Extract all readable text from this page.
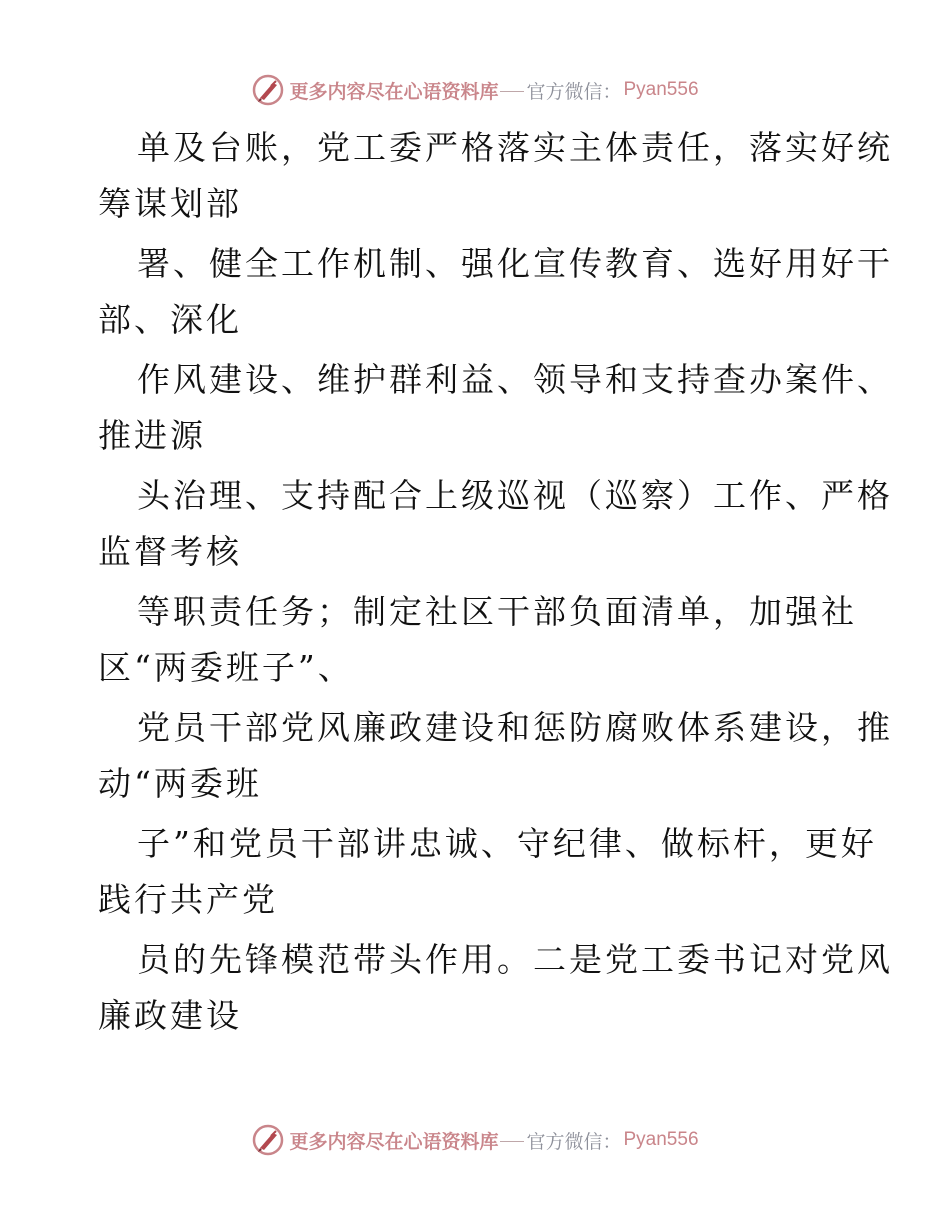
更多内容尽在心语资料库 官方微信： Pyan556
单及台账，党工委严格落实主体责任，落实好统
筹谋划部
署、健全工作机制、强化宣传教育、选好用好干
部、深化
作风建设、维护群利益、领导和支持查办案件、
推进源
头治理、支持配合上级巡视（巡察）工作、严格
监督考核
等职责任务；制定社区干部负面清单，加强社
区“两委班子”、
党员干部党风廉政建设和惩防腐败体系建设，推
动“两委班
子”和党员干部讲忠诚、守纪律、做标杆，更好
践行共产党
员的先锋模范带头作用。二是党工委书记对党风
廉政建设
更多内容尽在心语资料库 官方微信： Pyan556
